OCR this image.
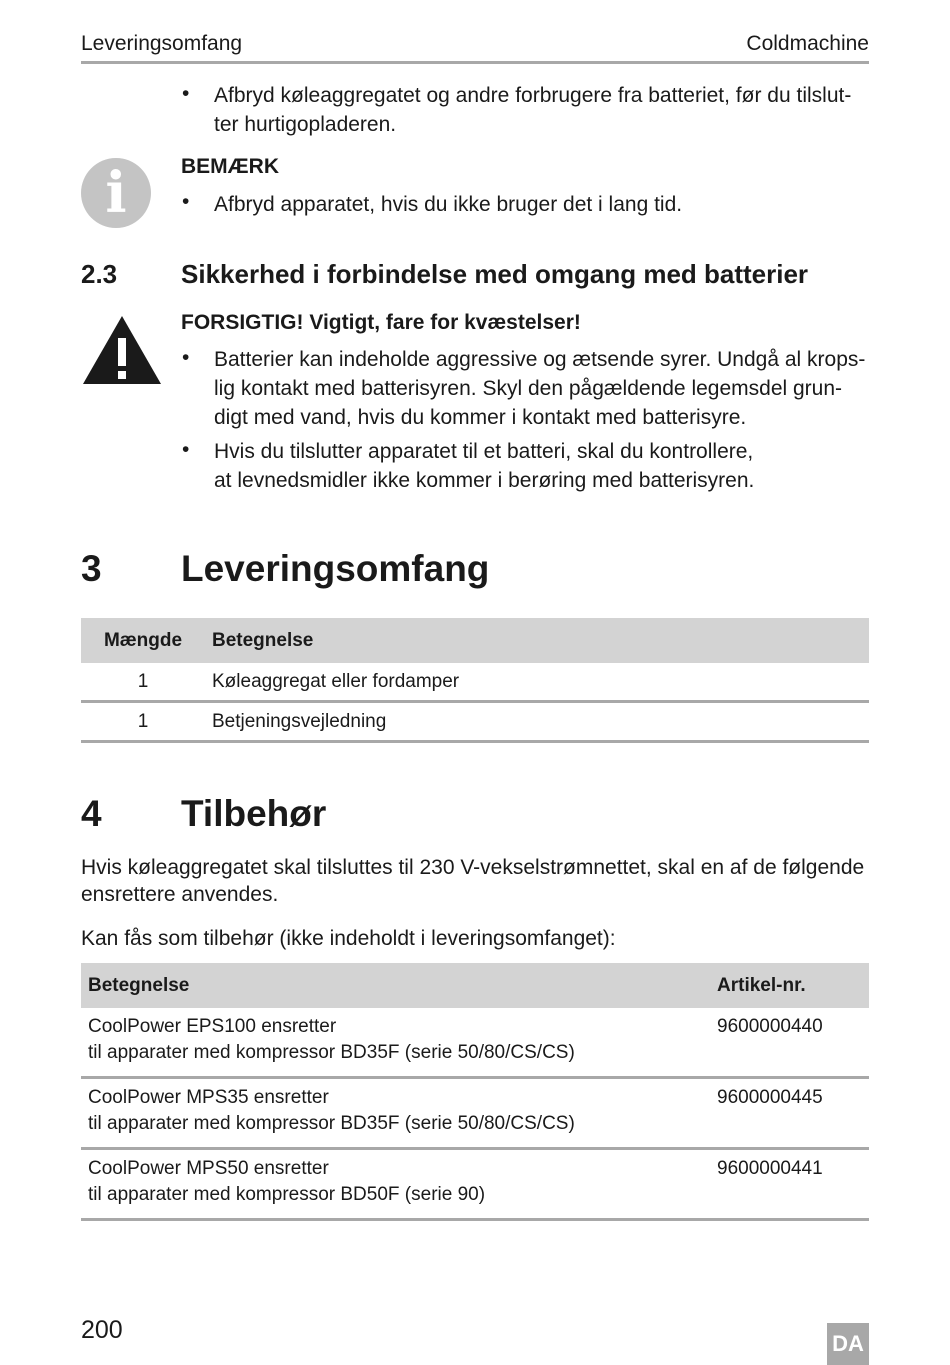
Leveringsomfang	Coldmachine
• Afbryd køleaggregatet og andre forbrugere fra batteriet, før du tilslut-
ter hurtigopladeren.
i	BEMÆRK
• Afbryd apparatet, hvis du ikke bruger det i lang tid.
2.3 Sikkerhed i forbindelse med omgang med batterier
FORSIGTIG! Vigtigt, fare for kvæstelser!
• Batterier kan indeholde aggressive og ætsende syrer. Undgå al krops-
lig kontakt med batterisyren. Skyl den pågældende legemsdel grun-
digt med vand, hvis du kommer i kontakt med batterisyre.
• Hvis du tilslutter apparatet til et batteri, skal du kontrollere,
at levnedsmidler ikke kommer i berøring med batterisyren.
3 Leveringsomfang
Mængde	Betegnelse
1	Køleaggregat eller fordamper
1	Betjeningsvejledning
4 Tilbehør
Hvis køleaggregatet skal tilsluttes til 230 V-vekselstrømnettet, skal en af de følgende
ensrettere anvendes.
Kan fås som tilbehør (ikke indeholdt i leveringsomfanget):
Betegnelse	Artikel-nr.

CoolPower EPS100 ensretter
til apparater med kompressor BD35F (serie 50/80/CS/CS)	9600000440

CoolPower MPS35 ensretter
til apparater med kompressor BD35F (serie 50/80/CS/CS)	9600000445

CoolPower MPS50 ensretter
til apparater med kompressor BD50F (serie 90)	9600000441
200	DA
